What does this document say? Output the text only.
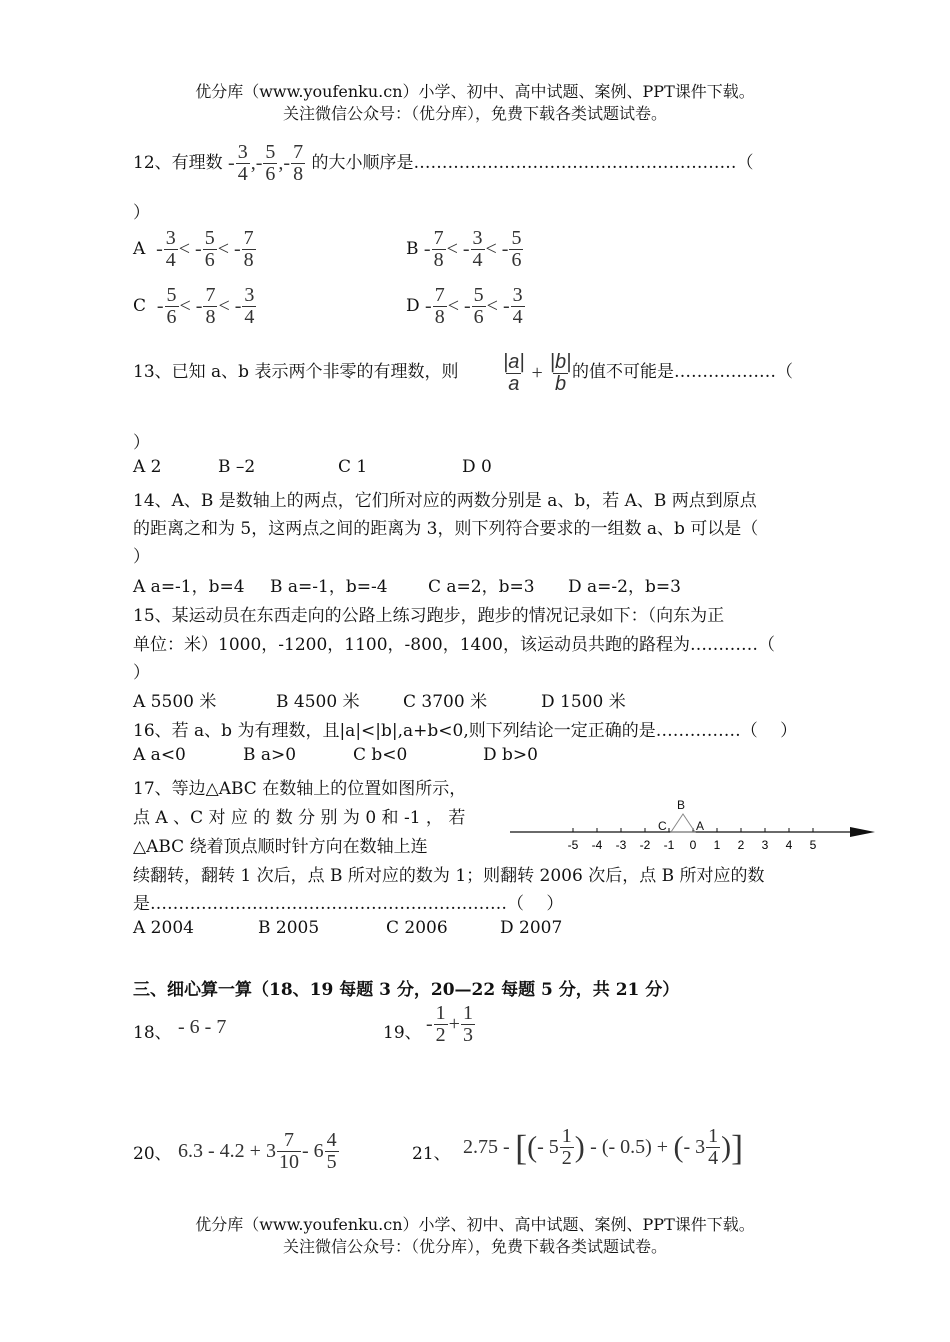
优分库（www.youfenku.cn）小学、初中、高中试题、案例、PPT课件下载。
关注微信公众号：（优分库），免费下载各类试题试卷。
12、有理数 - $\frac{3}{4}$ ,- $\frac{5}{6}$ ,- $\frac{7}{8}$ 的大小顺序是…………………………………………………（
）
A - $\frac{3}{4}$ < - $\frac{5}{6}$ < - $\frac{7}{8}$	B - $\frac{7}{8}$ < - $\frac{3}{4}$ < - $\frac{5}{6}$
C - $\frac{5}{6}$ < - $\frac{7}{8}$ < - $\frac{3}{4}$	D - $\frac{7}{8}$ < - $\frac{5}{6}$ < - $\frac{3}{4}$
13、已知 a、b 表示两个非零的有理数，则 $\frac{|a|}{a} + \frac{|b|}{b}$
的值不可能是………………（
）
A 2	B –2	C 1	D 0
14、A、B 是数轴上的两点，它们所对应的两数分别是 a、b，若 A、B 两点到原点
的距离之和为 5，这两点之间的距离为 3，则下列符合要求的一组数 a、b 可以是（
）
A a=-1，b=4 B a=-1，b=-4 C a=2，b=3 D a=-2，b=3
15、某运动员在东西走向的公路上练习跑步，跑步的情况记录如下：（向东为正
单位：米）1000，-1200，1100，-800，1400，该运动员共跑的路程为…………（
）
A 5500 米	B 4500 米	C 3700 米	D 1500 米
16、若 a、b 为有理数，且|a|<|b|,a+b<0,则下列结论一定正确的是……………（　 ）
A a<0	B a>0	C b<0	D b>0
17、等边△ABC 在数轴上的位置如图所示，
点 A 、C 对 应 的 数 分 别 为 0 和 -1 ， 若
△ABC 绕着顶点顺时针方向在数轴上连	-5 -4 -3 -2 -1 0 1 2 3 4 5
B
C A
续翻转，翻转 1 次后，点 B 所对应的数为 1；则翻转 2006 次后，点 B 所对应的数
是………………………………………………………（　 ）
A 2004	B 2005	C 2006	D 2007
三、细心算一算（18、19 每题 3 分，20—22 每题 5 分，共 21 分）
18、 - 6 - 7	19、 - $\frac{1}{2} + \frac{1}{3}$
20、 $6.3 - 4.2 + 3 \frac{7}{10} - 6 \frac{4}{5}$	21、 2.75 - [(- $5 \frac{1}{2}$ ) - (- 0.5) + (- $3 \frac{1}{4}$ )]
优分库（www.youfenku.cn）小学、初中、高中试题、案例、PPT课件下载。
关注微信公众号：（优分库），免费下载各类试题试卷。
